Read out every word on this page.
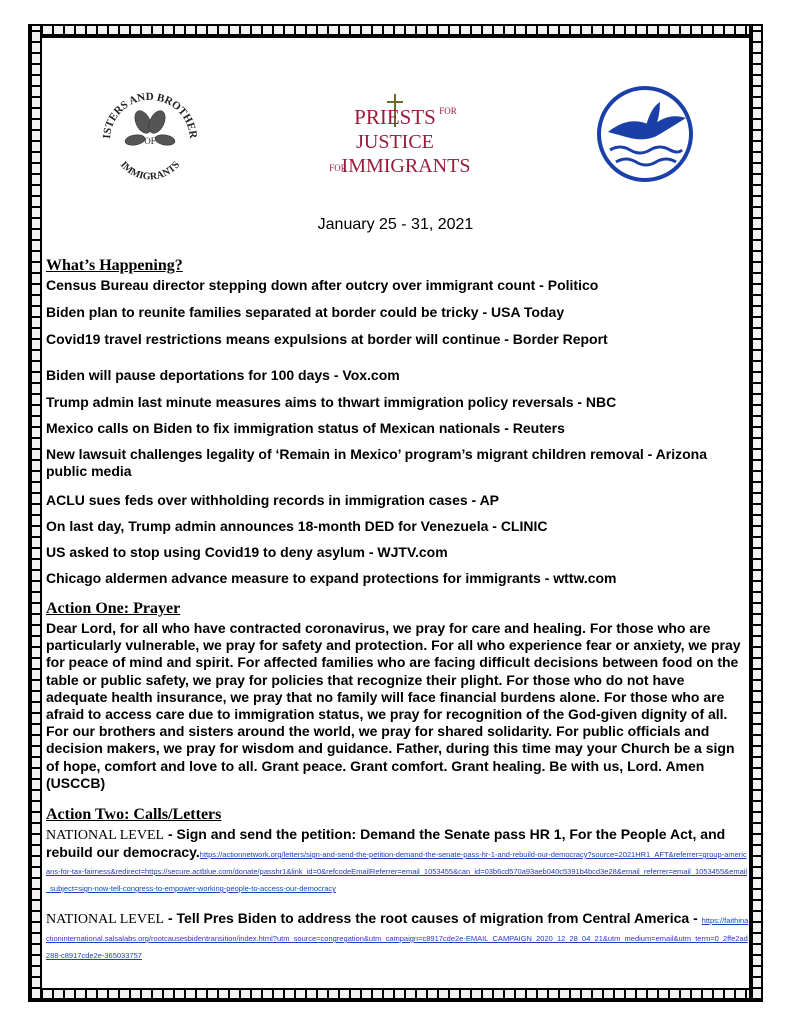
ISTERS AND BROTHER
OF
IMMIGRANTS
PRIESTS FOR
JUSTICE
FOR
IMMIGRANTS
January 25 - 31, 2021
What’s Happening?
Census Bureau director stepping down after outcry over immigrant count - Politico
Biden plan to reunite families separated at border could be tricky - USA Today
Covid19 travel restrictions means expulsions at border will continue - Border Report
Biden will pause deportations for 100 days - Vox.com
Trump admin last minute measures aims to thwart immigration policy reversals - NBC
Mexico calls on Biden to fix immigration status of Mexican nationals - Reuters
New lawsuit challenges legality of ‘Remain in Mexico’ program’s migrant children removal - Arizona public media
ACLU sues feds over withholding records in immigration cases - AP
On last day, Trump admin announces 18-month DED for Venezuela - CLINIC
US asked to stop using Covid19 to deny asylum - WJTV.com
Chicago aldermen advance measure to expand protections for immigrants - wttw.com
Action One: Prayer
Dear Lord, for all who have contracted coronavirus, we pray for care and healing. For those who are particularly vulnerable, we pray for safety and protection. For all who experience fear or anxiety, we pray for peace of mind and spirit. For affected families who are facing difficult decisions between food on the table or public safety, we pray for policies that recognize their plight. For those who do not have adequate health insurance, we pray that no family will face financial burdens alone. For those who are afraid to access care due to immigration status, we pray for recognition of the God-given dignity of all. For our brothers and sisters around the world, we pray for shared solidarity. For public officials and decision makers, we pray for wisdom and guidance. Father, during this time may your Church be a sign of hope, comfort and love to all. Grant peace. Grant comfort. Grant healing. Be with us, Lord. Amen (USCCB)
Action Two: Calls/Letters
NATIONAL LEVEL - Sign and send the petition: Demand the Senate pass HR 1, For the People Act, and rebuild our democracy.https://actionnetwork.org/letters/sign-and-send-the-petition-demand-the-senate-pass-hr-1-and-rebuild-our-democracy?source=2021HR1_AFT&referrer=group-americans-for-tax-fairness&redirect=https://secure.actblue.com/donate/passhr1&link_id=0&refcodeEmailReferrer=email_1053455&can_id=03b6cd570a93aeb040c5391b4bcd3e28&email_referrer=email_1053455&email_subject=sign-now-tell-congress-to-empower-working-people-to-access-our-democracy
NATIONAL LEVEL - Tell Pres Biden to address the root causes of migration from Central America - https://faithinactioninternational.salsalabs.org/rootcausesbidentransition/index.html?utm_source=congregation&utm_campaign=c8917cde2e-EMAIL_CAMPAIGN_2020_12_28_04_21&utm_medium=email&utm_term=0_2ffe2ad288-c8917cde2e-365033757
